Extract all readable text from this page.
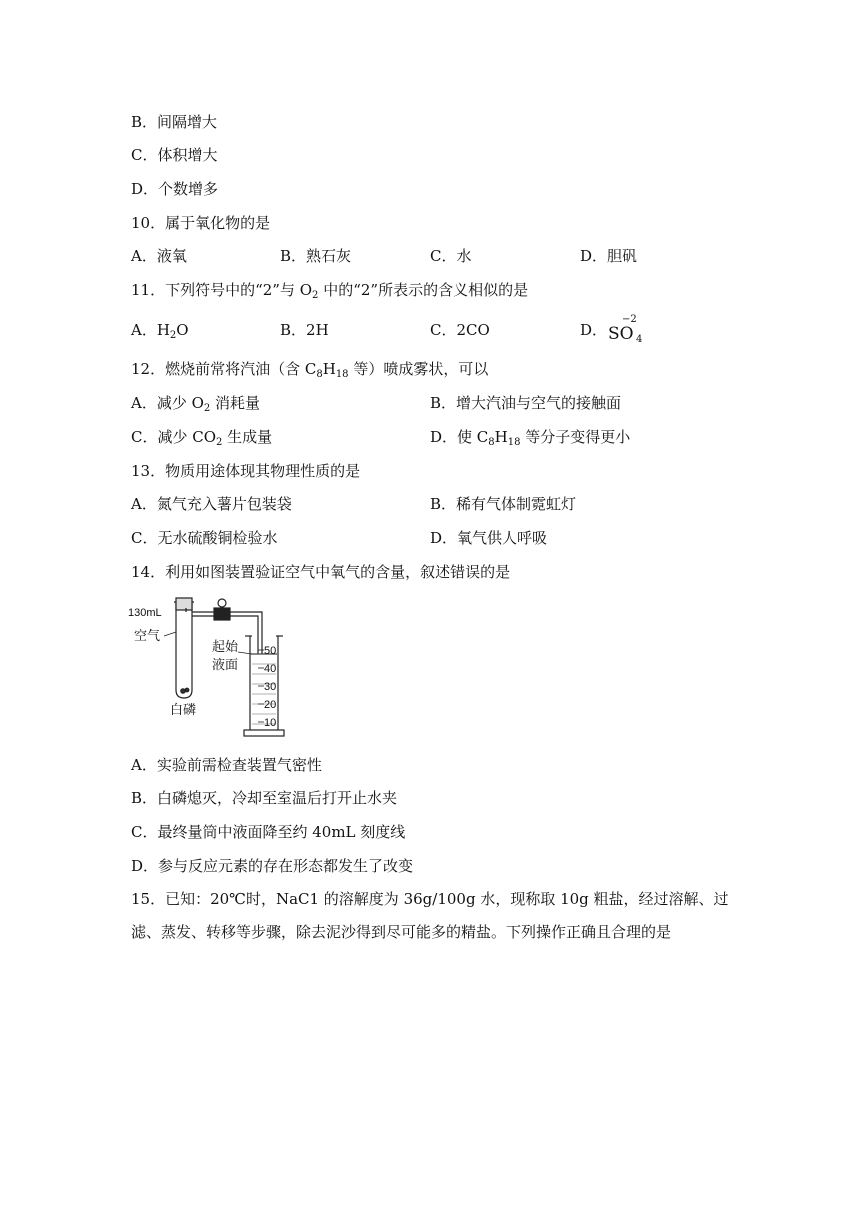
B．间隔增大
C．体积增大
D．个数增多
10．属于氧化物的是
A．液氧	B．熟石灰	C．水	D．胆矾
11．下列符号中的“2”与 $O_2$ 中的“2”所表示的含义相似的是
A．$H_2O$	B．2H	C．2CO	D．
−2
SO 4
12．燃烧前常将汽油（含 $C_8H_{18}$ 等）喷成雾状，可以
A．减少 $O_2$ 消耗量	B．增大汽油与空气的接触面
C．减少 $CO_2$ 生成量	D．使 $C_8H_{18}$ 等分子变得更小
13．物质用途体现其物理性质的是
A．氮气充入薯片包装袋	B．稀有气体制霓虹灯
C．无水硫酸铜检验水	D．氧气供人呼吸
14．利用如图装置验证空气中氧气的含量，叙述错误的是
130mL
空气
白磷
起始
液面
50
40
30
20
10
A．实验前需检查装置气密性
B．白磷熄灭，冷却至室温后打开止水夹
C．最终量筒中液面降至约 40mL 刻度线
D．参与反应元素的存在形态都发生了改变
15．已知：20℃时，NaC1 的溶解度为 36g/100g 水，现称取 10g 粗盐，经过溶解、过滤、蒸发、转移等步骤，除去泥沙得到尽可能多的精盐。下列操作正确且合理的是
